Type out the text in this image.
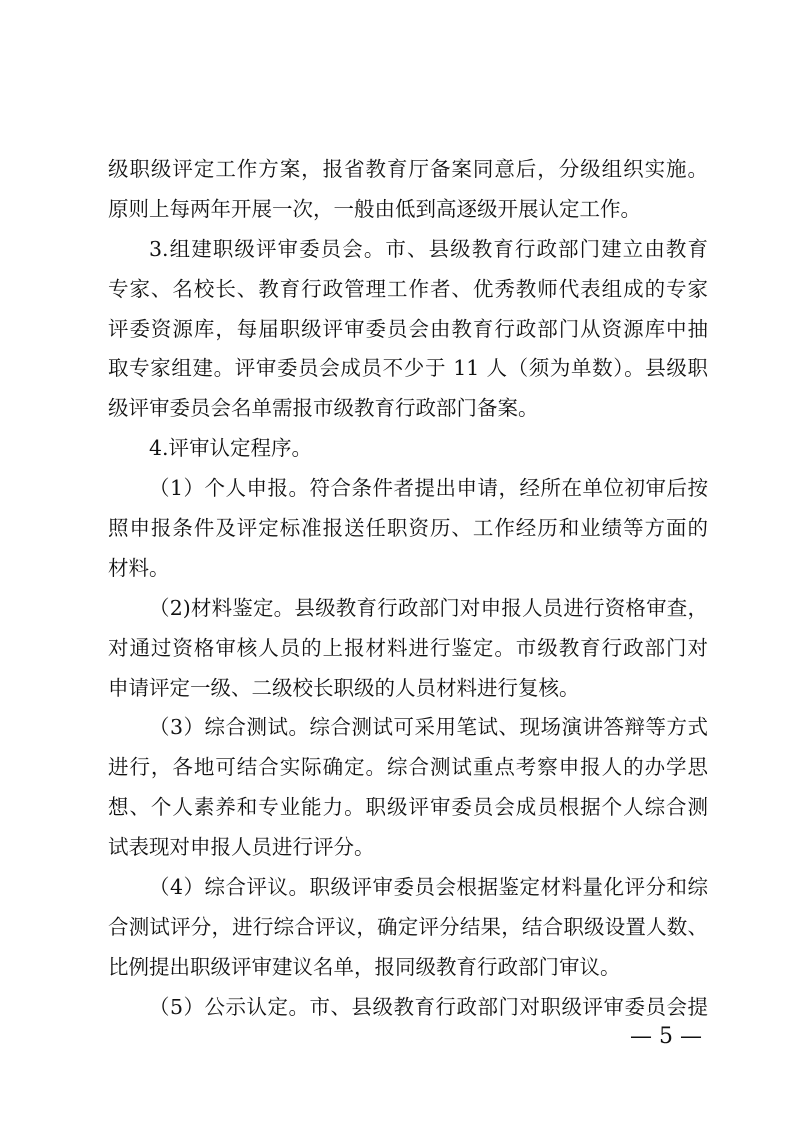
级职级评定工作方案，报省教育厅备案同意后，分级组织实施。
原则上每两年开展一次，一般由低到高逐级开展认定工作。
3.组建职级评审委员会。市、县级教育行政部门建立由教育
专家、名校长、教育行政管理工作者、优秀教师代表组成的专家
评委资源库，每届职级评审委员会由教育行政部门从资源库中抽
取专家组建。评审委员会成员不少于 11 人（须为单数）。县级职
级评审委员会名单需报市级教育行政部门备案。
4.评审认定程序。
（1）个人申报。符合条件者提出申请，经所在单位初审后按
照申报条件及评定标准报送任职资历、工作经历和业绩等方面的
材料。
（2)材料鉴定。县级教育行政部门对申报人员进行资格审查，
对通过资格审核人员的上报材料进行鉴定。市级教育行政部门对
申请评定一级、二级校长职级的人员材料进行复核。
（3）综合测试。综合测试可采用笔试、现场演讲答辩等方式
进行，各地可结合实际确定。综合测试重点考察申报人的办学思
想、个人素养和专业能力。职级评审委员会成员根据个人综合测
试表现对申报人员进行评分。
（4）综合评议。职级评审委员会根据鉴定材料量化评分和综
合测试评分，进行综合评议，确定评分结果，结合职级设置人数、
比例提出职级评审建议名单，报同级教育行政部门审议。
（5）公示认定。市、县级教育行政部门对职级评审委员会提
— 5 —
